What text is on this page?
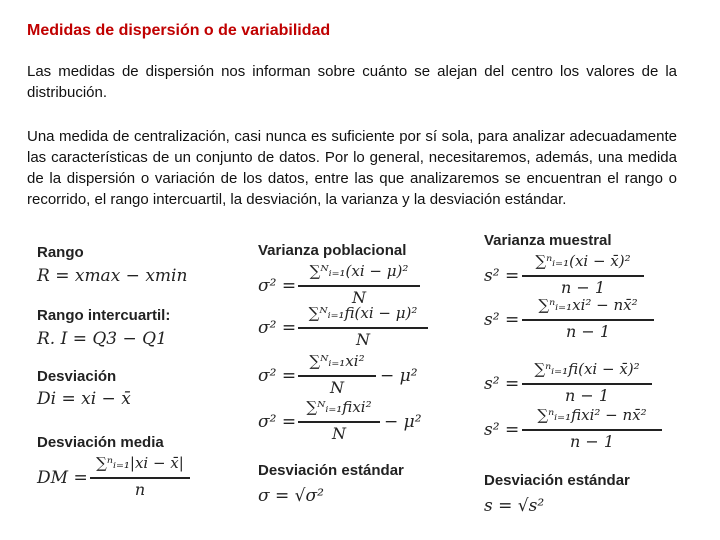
Medidas de dispersión o de variabilidad
Las medidas de dispersión nos informan sobre cuánto se alejan del centro los valores de la distribución.
Una medida de centralización, casi nunca es suficiente por sí sola, para analizar adecuadamente las características de un conjunto de datos. Por lo general, necesitaremos, además, una medida de la dispersión o variación de los datos, entre las que analizaremos se encuentran el rango o recorrido, el rango intercuartil, la desviación, la varianza y la desviación estándar.
Rango
R = xmax − xmin
Rango intercuartil:
R. I = Q3 − Q1
Desviación
Di = xi − x̄
Desviación media
DM =
∑ⁿᵢ₌₁|xi − x̄|
n
Varianza poblacional
σ² =
∑ᴺᵢ₌₁(xi − μ)²
N
σ² =
∑ᴺᵢ₌₁fi(xi − μ)²
N
σ² =
∑ᴺᵢ₌₁xi²
N
− μ²
σ² =
∑ᴺᵢ₌₁fixi²
N
− μ²
Desviación estándar
σ = √σ²
Varianza muestral
s² =
∑ⁿᵢ₌₁(xi − x̄)²
n − 1
s² =
∑ⁿᵢ₌₁xi² − nx̄²
n − 1
s² =
∑ⁿᵢ₌₁fi(xi − x̄)²
n − 1
s² =
∑ⁿᵢ₌₁fixi² − nx̄²
n − 1
Desviación estándar
s = √s²
